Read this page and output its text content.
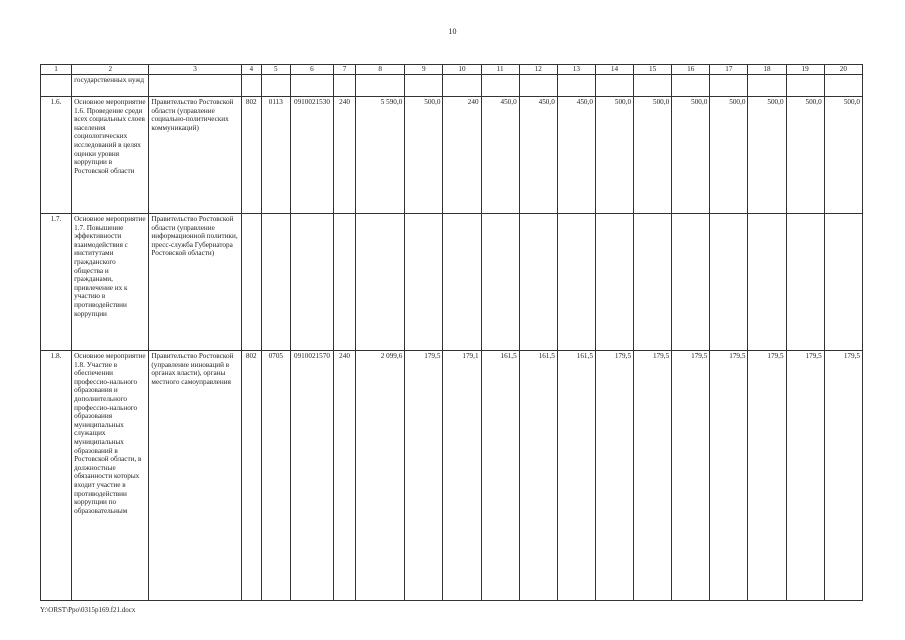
10
1	2	3	4	5	6	7	8	9	10	11	12	13	14	15	16	17	18	19	20
	государственных нужд																		
1.6.	Основное мероприятие 1.6. Проведение среди всех социальных слоев населения социологических исследований в целях оценки уровня коррупции в Ростовской области	Правительство Ростовской области (управление социально-политических коммуникаций)	802	0113	0910021530	240	5 590,0	500,0	240	450,0	450,0	450,0	500,0	500,0	500,0	500,0	500,0	500,0	500,0
1.7.	Основное мероприятие 1.7. Повышение эффективности взаимодействия с институтами гражданского общества и гражданами, привлечение их к участию в противодействии коррупции	Правительство Ростовской области (управление информационной политики, пресс-служба Губернатора Ростовской области)																	
1.8.	Основное мероприятие 1.8. Участие в обеспечении профессио-нального образования и дополнительного профессио-нального образования муниципальных служащих муниципальных образований в Ростовской области, в должностные обязанности которых входит участие в противодействии коррупции по образовательным	Правительство Ростовской (управление инноваций в органах власти), органы местного самоуправления	802	0705	0910021570	240	2 099,6	179,5	179,1	161,5	161,5	161,5	179,5	179,5	179,5	179,5	179,5	179,5	179,5
Y:\ORST\Ppo\0315p169.f21.docx
